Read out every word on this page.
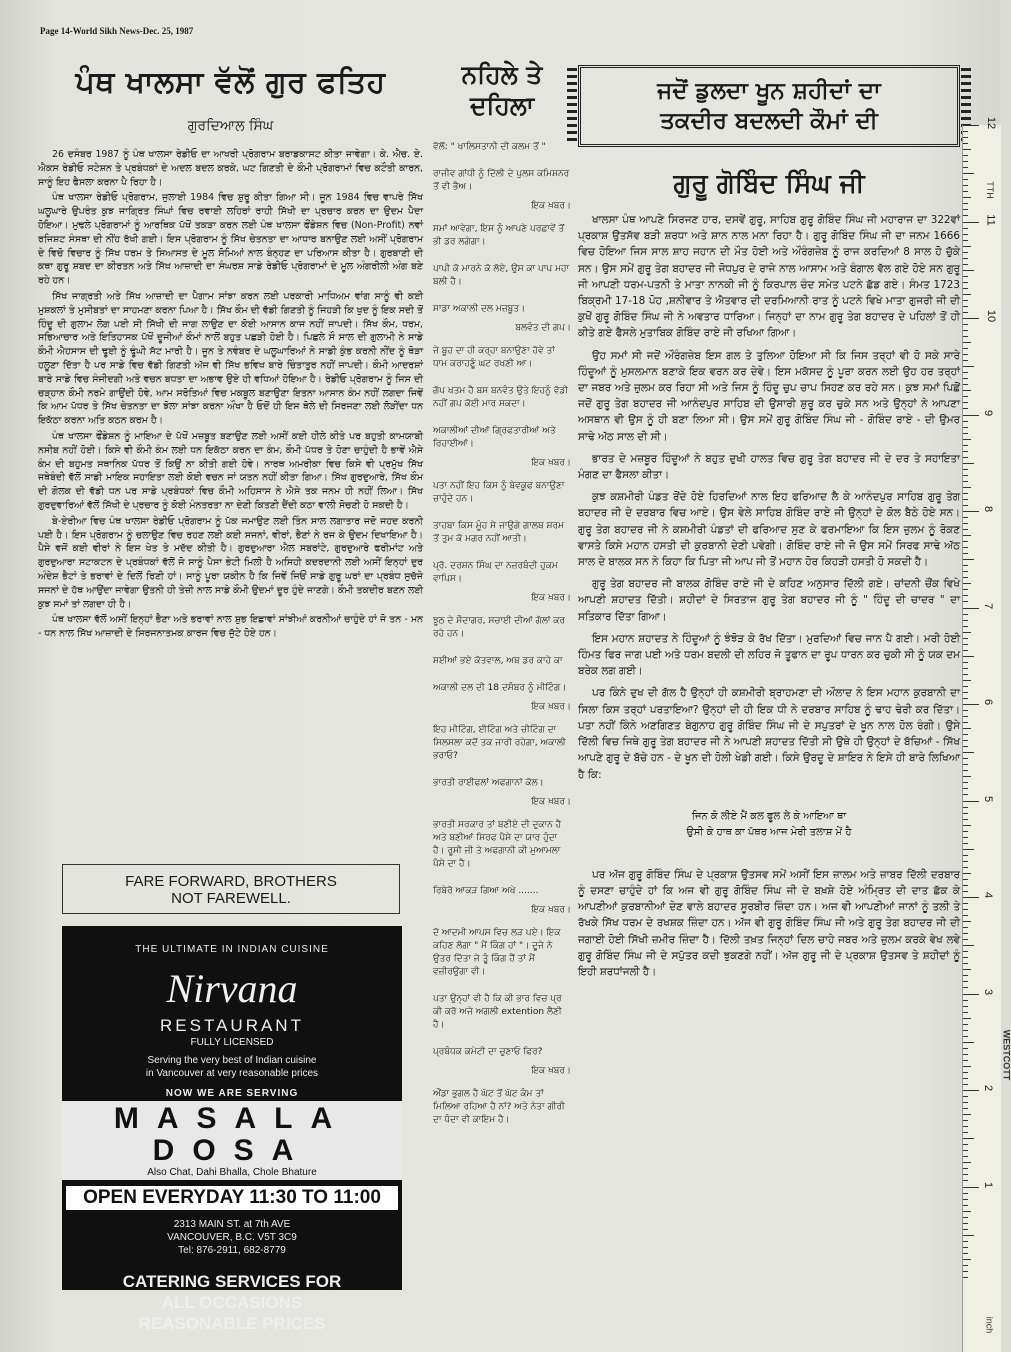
Page 14-World Sikh News-Dec. 25, 1987
ਪੰਥ ਖਾਲਸਾ ਵੱਲੋਂ ਗੁਰ ਫਤਿਹ
ਗੁਰਦਿਆਲ ਸਿੰਘ

26 ਦਸੰਬਰ 1987 ਨੂੰ ਪੰਥ ਖਾਲਸਾ ਰੇਡੀਓ ਦਾ ਆਖਰੀ ਪ੍ਰੋਗਰਾਮ ਬਰਾਡਕਾਸਟ ਕੀਤਾ ਜਾਵੇਗਾ। ਕੇ. ਐਚ. ਏ. ਐਕਸ ਰੇਡੀਓ ਸਟੇਸ਼ਨ ਤੇ ਪ੍ਰਬੰਧਕਾਂ ਦੇ ਅਦਲ ਬਦਲ ਕਰਕੇ, ਘਟ ਗਿਣਤੀ ਦੇ ਕੌਮੀ ਪ੍ਰੋਗਰਾਮਾਂ ਵਿਚ ਕਟੌਤੀ ਕਾਰਨ, ਸਾਨੂੰ ਇਹ ਫੈਸਲਾ ਕਰਨਾ ਪੈ ਰਿਹਾ ਹੈ।

ਪੰਥ ਖਾਲਸਾ ਰੇਡੀਓ ਪ੍ਰੋਗਰਾਮ, ਜੁਲਾਈ 1984 ਵਿਚ ਸ਼ੁਰੂ ਕੀਤਾ ਗਿਆ ਸੀ। ਜੂਨ 1984 ਵਿਚ ਵਾਪਰੇ ਸਿੱਖ ਘਲੂਘਾਰੇ ਉਪਰੰਤ ਕੁਝ ਜਾਗ੍ਰਿਤ ਸਿੰਘਾਂ ਵਿਚ ਰਵਾਈ ਲਹਿਰਾਂ ਰਾਹੀ ਸਿੱਖੀ ਦਾ ਪ੍ਰਚਾਰ ਕਰਨ ਦਾ ਉਦਮ ਪੈਦਾ ਹੋਇਆ। ਮੁਢਲੇ ਪ੍ਰੋਗਰਾਮਾਂ ਨੂੰ ਆਰਥਿਕ ਪੱਖੋਂ ਤਕੜਾ ਕਰਨ ਲਈ ਪੰਥ ਖਾਲਸਾ ਫੌਂਡੇਸ਼ਨ ਵਿਚ (Non-Profit) ਨਵਾਂ ਰਜਿਸ਼ਟ ਸੰਸਥਾ ਦੀ ਨੀਂਹ ਰੱਖੀ ਗਈ। ਇਸ ਪ੍ਰੋਗਰਾਮ ਨੂੰ ਸਿੱਖ ਚੇਤਨਤਾ ਦਾ ਆਧਾਰ ਬਨਾਉਣ ਲਈ ਅਸੀਂ ਪ੍ਰੋਗਰਾਮ ਦੇ ਵਿਚੋ ਵਿਚਾਰ ਨੂੰ ਸਿੱਖ ਧਰਮ ਤੇ ਸਿਆਸਤ ਦੇ ਮੂਲ ਸੋਮਿਆਂ ਨਾਲ ਬੰਨ੍ਹਣ ਦਾ ਪਰਿਆਸ ਕੀਤਾ ਹੈ। ਗੁਰਬਾਣੀ ਦੀ ਕਥਾ ਗੁਰੂ ਸ਼ਬਦ ਦਾ ਕੀਰਤਨ ਅਤੇ ਸਿੱਖ ਆਜ਼ਾਦੀ ਦਾ ਸੰਘਰਸ਼ ਸਾਡੇ ਰੇਡੀਓ ਪ੍ਰੋਗਰਾਮਾਂ ਦੇ ਮੂਲ ਅੰਗਰੀਲੀ ਅੰਗ ਬਣੇ ਰਹੇ ਹਨ।

ਸਿੱਖ ਜਾਗ੍ਰਤੀ ਅਤੇ ਸਿੱਖ ਆਜ਼ਾਦੀ ਦਾ ਪੈਗਾਮ ਸਾਂਝਾ ਕਰਨ ਲਈ ਪਰਕਾਰੀ ਮਾਧਿਅਮ ਵਾਂਗ ਸਾਨੂੰ ਵੀ ਕਈ ਮੁਸ਼ਕਲਾਂ ਤੇ ਮੁਸੀਬਤਾਂ ਦਾ ਸਾਹਮਣਾ ਕਰਨਾ ਪਿਆ ਹੈ। ਸਿੱਖ ਕੌਮ ਦੀ ਵੱਡੀ ਗਿਣਤੀ ਨੂੰ ਜਿਹੜੀ ਕਿ ਖੁਦ ਨੂੰ ਇਕ ਸਦੀ ਤੋਂ ਹਿੰਦੂ ਦੀ ਗੁਲਾਮ ਲੋਗ ਪਈ ਸੀ ਸਿੱਖੀ ਦੀ ਜਾਗ ਲਾਉਣ ਦਾ ਕੋਈ ਆਸਾਨ ਕਾਜ ਨਹੀਂ ਜਾਪਦੀ। ਸਿੱਖ ਕੌਮ, ਧਰਮ, ਸਭਿਆਚਾਰ ਅਤੇ ਇਤਿਹਾਸਕ ਪੱਖੋਂ ਦੂਜੀਆਂ ਕੌਮਾਂ ਨਾਲੋਂ ਬਹੁਤ ਪਛੜੀ ਹੋਈ ਹੈ। ਪਿਛਲੇ ਸੌ ਸਾਲ ਦੀ ਗੁਲਾਮੀ ਨੇ ਸਾਡੇ ਕੌਮੀ ਐਹਸਾਸ ਦੀ ਢੂਈ ਨੂੰ ਢੂੰਘੀ ਸੱਟ ਮਾਰੀ ਹੈ। ਜੂਨ ਤੇ ਨਵੰਬਰ ਦੇ ਘਲੂਘਾਰਿਆਂ ਨੇ ਸਾਡੀ ਕੁੰਭ ਕਰਨੀ ਨੀਂਦ ਨੂੰ ਥੋੜਾ ਹਲੂਣਾ ਦਿੱਤਾ ਹੈ ਪਰ ਸਾਡੇ ਵਿਚ ਵੱਡੀ ਗਿਣਤੀ ਅੱਜ ਵੀ ਸਿੱਖ ਭਵਿਖ ਬਾਰੇ ਚਿੰਤਾਤੁਰ ਨਹੀਂ ਜਾਪਦੀ। ਕੌਮੀ ਆਦਰਸ਼ਾਂ ਬਾਰੇ ਸਾਡੇ ਵਿਚ ਸੰਜੀਦਗੀ ਅਤੇ ਵਚਨ ਬਧਤਾ ਦਾ ਅਭਾਵ ਉਏ ਹੀ ਵਧਿਆਂ ਹੋਇਆ ਹੈ। ਰੇਡੀਓ ਪ੍ਰੋਗਰਾਮ ਨੂੰ ਜਿਸ ਦੀ ਚੜ੍ਹਾਨ ਕੌਮੀ ਨਰਮੇ ਗਾਉਂਦੀ ਹੋਵੇ, ਆਮ ਸਰੋਤਿਆਂ ਵਿਚ ਮਕਬੂਲ ਬਣਾਉਣਾ ਇਤਨਾ ਆਸਾਨ ਕੰਮ ਨਹੀਂ ਲਗਦਾ ਜਿਵੇਂ ਕਿ ਆਮ ਪੱਧਰ ਤੇ ਸਿੱਖ ਚੇਤਨਤਾ ਦਾ ਝੋਲਾ ਸਾਂਝਾ ਕਰਨਾ ਔਖਾ ਹੈ ਓਦੋਂ ਹੀ ਇਸ ਥੋਲੇ ਦੀ ਸਿਰਜਣਾ ਲਈ ਲੋੜੀਂਦਾ ਧਨ ਇਕੱਠਾ ਕਰਨਾ ਅਤਿ ਕਠਨ ਕਰਮ ਹੈ।

ਪੰਥ ਖਾਲਸਾ ਫੌਂਡੇਸ਼ਨ ਨੂੰ ਮਾਇਆ ਦੇ ਪੱਖੋਂ ਮਜ਼ਬੂਤ ਬਣਾਉਣ ਲਈ ਅਸੀਂ ਕਈ ਹੀਲੇ ਕੀਤੇ ਪਰ ਬਹੁਤੀ ਕਾਮਯਾਬੀ ਨਸੀਬ ਨਹੀਂ ਹੋਈ। ਕਿਸੇ ਵੀ ਕੌਮੀ ਕੰਮ ਲਈ ਧਨ ਇਕੱਠਾ ਕਰਨ ਦਾ ਕੰਮ, ਕੌਮੀ ਪੱਧਰ ਤੇ ਹੋਣਾ ਚਾਹੁੰਦੀ ਹੈ ਭਾਵੇਂ ਐਸੇ ਕੰਮ ਦੀ ਬਹੁਮਤ ਸਥਾਨਿਕ ਪੱਧਰ ਤੋਂ ਕਿਉਂ ਨਾ ਕੀਤੀ ਗਈ ਹੋਵੇ। ਨਾਰਥ ਅਮਰੀਕਾ ਵਿਚ ਕਿਸੇ ਵੀ ਪ੍ਰਮੁੱਖ ਸਿੱਖ ਜਥੇਬੰਦੀ ਵੱਲੋਂ ਸਾਡੀ ਮਾਇਕ ਸਹਾਇਤਾ ਲਈ ਕੋਈ ਵਚਨ ਜਾਂ ਯਤਨ ਨਹੀਂ ਕੀਤਾ ਗਿਆ। ਸਿੱਖ ਗੁਰਦੁਆਰੇ, ਸਿੱਖ ਕੌਮ ਦੀ ਗੋਲਕ ਦੀ ਵੱਡੀ ਧਨ ਪਰ ਸਾਡੇ ਪ੍ਰਬੰਧਕਾਂ ਵਿਚ ਕੌਮੀ ਅਹਿਸਾਸ ਨੇ ਐਸੇ ਤਕ ਜਨਮ ਹੀ ਨਹੀਂ ਲਿਆ। ਸਿੱਖ ਗੁਰਦੁਵਾਰਿਆਂ ਵੱਲੋਂ ਸਿੱਖੀ ਦੇ ਪ੍ਰਚਾਰ ਨੂੰ ਕੋਈ ਮੰਨਤਰਤਾ ਨਾ ਦੇਣੀ ਕਿਤਣੀ ਦੈਂਦੀ ਕਠਾ ਵਾਲੀ ਸੋਚਣੀ ਹੋ ਸਕਦੀ ਹੈ।

ਬੇ-ਏਰੀਆ ਵਿਚ ਪੰਥ ਖਾਲਸਾ ਰੇਡੀਓ ਪ੍ਰੋਗਰਾਮ ਨੂੰ ਪੱਕ ਜਮਾਉਣ ਲਈ ਤਿੰਨ ਸਾਲ ਲਗਾਤਾਰ ਜਦੋ ਜਹਦ ਕਰਨੀ ਪਈ ਹੈ। ਇਸ ਪ੍ਰੋਗਰਾਮ ਨੂੰ ਚਲਾਉਣ ਵਿਚ ਰਹਣ ਲਈ ਕਈ ਸਜਨਾਂ, ਵੀਰਾਂ, ਭੈਣਾਂ ਨੇ ਰਜ ਕੇ ਉਦਮ ਦਿਖਾਇਆ ਹੈ। ਪੈਸੇ ਵਜੋਂ ਕਈ ਵੀਰਾਂ ਨੇ ਇਸ ਖੇਤ ਤੇ ਮਦੱਦ ਕੀਤੀ ਹੈ। ਗੁਰਦੁਆਰਾ ਐਲ ਸਬਰਾਂਟੇ, ਗੁਰਦੁਆਰੇ ਫਰੀਮਾਂਟ ਅਤੇ ਗੁਰਦੁਆਰਾ ਸਟਾਕਟਨ ਦੇ ਪ੍ਰਬੰਧਕਾਂ ਵੱਲੋਂ ਜੋ ਸਾਨੂੰ ਪੈਸਾ ਭੇਟੀ ਮਿਲੀ ਹੈ ਅਸਿਹੀ ਕਦਰਦਾਨੀ ਲਈ ਅਸੀਂ ਇਨ੍ਹਾਂ ਦੁਰ ਅੰਦੇਸ਼ ਭੈਟਾਂ ਤੇ ਭਰਾਵਾਂ ਦੇ ਦਿਲੋਂ ਰਿਣੀ ਹਾਂ। ਸਾਨੂੰ ਪੂਰਾ ਯਕੀਨ ਹੈ ਕਿ ਜਿਵੇਂ ਜਿਓਂ ਸਾਡੇ ਗੁਰੂ ਘਰਾਂ ਦਾ ਪ੍ਰਬੰਧ ਸੁਚੱਜੇ ਸਜਨਾਂ ਦੇ ਹੱਥ ਆਉਂਦਾ ਜਾਵੇਗਾ ਉਤਨੀ ਹੀ ਤੇਜ਼ੀ ਨਾਲ ਸਾਡੇ ਕੌਮੀ ਉਦਮਾਂ ਦੂਰ ਹੁੰਦੇ ਜਾਣਗੇ। ਕੌਮੀ ਤਕਦੀਰ ਬਣਨ ਲਈ ਕੁਝ ਸਮਾਂ ਤਾਂ ਲਗਦਾ ਹੀ ਹੈ।

ਪੰਥ ਖਾਲਸਾ ਵੱਲੋਂ ਅਸੀਂ ਇਨ੍ਹਾਂ ਭੈਣਾ ਅਤੇ ਭਰਾਵਾਂ ਨਾਲ ਸ਼ੁਭ ਇਛਾਵਾਂ ਸਾਂਝੀਆਂ ਕਰਨੀਆਂ ਚਾਹੁੰਦੇ ਹਾਂ ਜੋ ਤਨ - ਮਨ - ਧਨ ਨਾਲ ਸਿੱਖ ਆਜ਼ਾਦੀ ਦੇ ਸਿਰਜਨਾਤਮਕ ਕਾਰਜ ਵਿਚ ਜੁੱਟੇ ਹੋਏ ਹਨ।

FARE FORWARD, BROTHERS
NOT FAREWELL.
THE ULTIMATE IN INDIAN CUISINE
Nirvana
RESTAURANT
FULLY LICENSED
Serving the very best of Indian cuisine
in Vancouver at very reasonable prices
NOW WE ARE SERVING
MASALA DOSA
Also Chat, Dahi Bhalla, Chole Bhature
OPEN EVERYDAY 11:30 TO 11:00
2313 MAIN ST. at 7th AVE
VANCOUVER, B.C. V5T 3C9
Tel: 876-2911, 682-8779
CATERING SERVICES FOR
ALL OCCASIONS
REASONABLE PRICES
ਨਹਿਲੇ ਤੇ
ਦਹਿਲਾ
ਵੱਲੋਂ: " ਖਾਲਿਸਤਾਨੀ ਦੀ ਕਲਮ ਤੋਂ "
ਰਾਜੀਵ ਗਾਂਧੀ ਨੂੰ ਦਿੱਲੀ ਦੇ ਪੁਲਸ ਕਮਿਸ਼ਨਰ ਤੋਂ ਵੀ ਭੈਅ।
ਇਕ ਖ਼ਬਰ।
ਸਮਾਂ ਆਵੇਗਾ, ਇਸ ਨੂੰ ਆਪਣੇ ਪਰਛਾਵੇਂ ਤੋਂ ਭੀ ਡਰ ਲਗੇਗਾ।
ਪਾਪੀ ਕੋ ਮਾਰਨੇ ਕੋ ਲੋਏ, ਉਸ ਕਾ ਪਾਪ ਮਹਾ ਬਲੀ ਹੈ।
ਸਾਡਾ ਅਕਾਲੀ ਦਲ ਮਜ਼ਬੂਤ।
ਬਲਵੰਤ ਦੀ ਗਪ।
ਜੇ ਬੂਹ ਦਾ ਹੀ ਕਰ੍ਹਾ ਬਨਾਉਣਾ ਹੋਵੇ ਤਾਂ ਧਾਮ ਕਰਾਹਣੂੰ ਘਟ ਰਖਣੀ ਆ।
ਗੱਪ ਖਤਮ ਹੈ ਬਸ ਬਨਵੰਤ ਉਤੇ ਇਹਨੂੰ ਵੱਡੀ ਨਹੀਂ ਗਪ ਕੋਈ ਮਾਰ ਸਕਦਾ।
ਅਕਾਲੀਆਂ ਦੀਆਂ ਗ੍ਰਿਫਤਾਰੀਆਂ ਅਤੇ ਰਿਹਾਈਆਂ।
ਇਕ ਖ਼ਬਰ।
ਪਤਾ ਨਹੀਂ ਇਹ ਕਿਸ ਨੂੰ ਬੇਵਕੂਫ ਬਨਾਉਣਾ ਚਾਹੁੰਦੇ ਹਨ।
ਤਾਹਬਾ ਕਿਸ ਮੂੰਹ ਸੇ ਜਾਉਗੇ ਗਾਲਬ ਸ਼ਰਮ ਤੋਂ ਤੁਮ ਕੋ ਮਗਰ ਨਹੀਂ ਆਤੀ।
ਪ੍ਰੋ. ਦਰਸ਼ਨ ਸਿੰਘ ਦਾ ਨਜ਼ਰਬੰਦੀ ਹੁਕਮ ਵਾਪਿਸ।
ਇਕ ਖ਼ਬਰ।
ਝੂਠ ਦੇ ਸੌਦਾਗਰ, ਸਚਾਈ ਦੀਆਂ ਗੱਲਾਂ ਕਰ ਰਹੇ ਹਨ।
ਸਈਆਂ ਭਏ ਕੋਤਵਾਲ, ਅਬ ਡਰ ਕਾਹੇ ਕਾ
ਅਕਾਲੀ ਦਲ ਦੀ 18 ਦਸੰਬਰ ਨੂੰ ਮੀਟਿੰਗ।
ਇਕ ਖ਼ਬਰ।
ਇਹ ਮੀਟਿੰਗ, ਈਟਿੰਗ ਅਤੇ ਚੀਟਿੰਗ ਦਾ ਸਿਲਸਲਾ ਕਦੋਂ ਤਕ ਜਾਰੀ ਰਹੇਗਾ, ਅਕਾਲੀ ਭਰਾਓ?
ਭਾਰਤੀ ਰਾਈਫਲਾਂ ਅਫਗਾਨਾਂ ਕੋਲ।
ਇਕ ਖ਼ਬਰ।
ਭਾਰਤੀ ਸਰਕਾਰ ਤਾਂ ਬਣੀਏ ਦੀ ਦੁਕਾਨ ਹੈ ਅਤੇ ਬਣੀਆਂ ਸਿਰਫ ਪੈਸੇ ਦਾ ਯਾਰ ਹੁੰਦਾ ਹੈ। ਰੂਸੀ ਜੀ ਤੇ ਅਫਗਾਨੀ ਕੀ ਮੁਆਮਲਾ ਪੈਸੇ ਦਾ ਹੈ।
ਰਿਬੇਰੋ ਆਕੜ ਗਿਆ ਅਖੇ .......
ਇਕ ਖ਼ਬਰ।
ਦੋ ਆਦਮੀ ਆਪਸ ਵਿਚ ਲੜ ਪਏ। ਇਕ ਕਹਿਣ ਲੱਗਾ " ਮੈਂ ਕਿੰਗ ਹਾਂ "। ਦੂਜੇ ਨੇ ਉਤਰ ਦਿੱਤਾ ਜੇ ਤੂੰ ਕਿੰਗ ਹੈਂ ਤਾਂ ਮੈਂ ਵਜ਼ੀਰਉਗਾ ਵੀ।
ਪਤਾ ਉਨ੍ਹਾਂ ਵੀ ਹੈ ਕਿ ਕੀ ਭਾਰ ਵਿਚ ਪ੍ਰ ਕੀ ਕਰੋ ਅਜੇ ਅਗਲੀ extention ਲੈਣੀ ਹੈ।
ਪ੍ਰਬੰਧਕ ਕਮੇਟੀ ਦਾ ਚੁਣਾਓ ਫਿਰ?
ਇਕ ਖ਼ਬਰ।
ਔਂਡਾ ਭੁਗਲ ਹੈ ਘੱਟ ਤੋਂ ਘੱਟ ਕੰਮ ਤਾਂ ਮਿਲਿਆ ਰਹਿਆ ਹੈ ਨਾਂ? ਅਤੇ ਨੇਤਾ ਗੀਰੀ ਦਾ ਧੰਦਾ ਵੀ ਕਾਇਮ ਹੈ।
ਜਦੋਂ ਡੁਲਦਾ ਖੂਨ ਸ਼ਹੀਦਾਂ ਦਾ
ਤਕਦੀਰ ਬਦਲਦੀ ਕੌਮਾਂ ਦੀ
ਗੁਰੂ ਗੋਬਿੰਦ ਸਿੰਘ ਜੀ

ਖਾਲਸਾ ਪੰਥ ਆਪਣੇ ਸਿਰਜਣ ਹਾਰ, ਦਸਵੇਂ ਗੁਰੂ, ਸਾਹਿਬ ਗੁਰੂ ਗੋਬਿੰਦ ਸਿੰਘ ਜੀ ਮਹਾਰਾਜ ਦਾ 322ਵਾਂ ਪ੍ਰਕਾਸ਼ ਉਤਸੱਵ ਬੜੀ ਸ਼ਰਧਾ ਅਤੇ ਸ਼ਾਨ ਨਾਲ ਮਨਾ ਰਿਹਾ ਹੈ। ਗੁਰੂ ਗੋਬਿੰਦ ਸਿੰਘ ਜੀ ਦਾ ਜਨਮ 1666 ਵਿਚ ਹੋਇਆ ਜਿਸ ਸਾਲ ਸ਼ਾਹ ਜਹਾਨ ਦੀ ਮੌਤ ਹੋਈ ਅਤੇ ਔਰੰਗਜ਼ੇਬ ਨੂੰ ਰਾਜ ਕਰਦਿਆਂ 8 ਸਾਲ ਹੋ ਚੁੱਕੇ ਸਨ। ਉਸ ਸਮੇਂ ਗੁਰੂ ਤੇਗ ਬਹਾਦਰ ਜੀ ਜੋਧਪੁਰ ਦੇ ਰਾਜੇ ਨਾਲ ਆਸਾਮ ਅਤੇ ਬੰਗਾਲ ਵੱਲ ਗਏ ਹੋਏ ਸਨ ਗੁਰੂ ਜੀ ਆਪਣੀ ਧਰਮ-ਪਤਨੀ ਤੇ ਮਾਤਾ ਨਾਨਕੀ ਜੀ ਨੂੰ ਕਿਰਪਾਲ ਚੰਦ ਸਮੇਤ ਪਟਨੇ ਛੱਡ ਗਏ। ਸੰਮਤ 1723 ਬਿਕ੍ਰਮੀ 17-18 ਪੋਹ ,ਸ਼ਨੀਵਾਰ ਤੇ ਐਤਵਾਰ ਦੀ ਦਰਮਿਆਨੀ ਰਾਤ ਨੂੰ ਪਟਨੇ ਵਿਖੇ ਮਾਤਾ ਗੁਜਰੀ ਜੀ ਦੀ ਕੁਖੋਂ ਗੁਰੂ ਗੋਬਿੰਦ ਸਿੰਘ ਜੀ ਨੇ ਅਵਤਾਰ ਧਾਰਿਆ। ਜਿਨ੍ਹਾਂ ਦਾ ਨਾਮ ਗੁਰੂ ਤੇਗ ਬਹਾਦਰ ਦੇ ਪਹਿਲਾਂ ਤੋਂ ਹੀ ਕੀਤੇ ਗਏ ਫੈਸਲੇ ਮੁਤਾਬਿਕ ਗੋਬਿੰਦ ਰਾਏ ਜੀ ਰਖਿਆ ਗਿਆ।

ਉਹ ਸਮਾਂ ਸੀ ਜਦੋਂ ਔਰੰਗਜ਼ੇਬ ਇਸ ਗਲ ਤੇ ਤੁਲਿਆ ਹੋਇਆ ਸੀ ਕਿ ਜਿਸ ਤਰ੍ਹਾਂ ਵੀ ਹੋ ਸਕੇ ਸਾਰੇ ਹਿੰਦੂਆਂ ਨੂੰ ਮੁਸਲਮਾਨ ਬਣਾਕੇ ਇਕ ਵਰਨ ਕਰ ਦੇਵੇ। ਇਸ ਮਕੱਸਦ ਨੂੰ ਪੂਰਾ ਕਰਨ ਲਈ ਉਹ ਹਰ ਤਰ੍ਹਾਂ ਦਾ ਜਬਰ ਅਤੇ ਜ਼ੁਲਮ ਕਰ ਰਿਹਾ ਸੀ ਅਤੇ ਜਿਸ ਨੂੰ ਹਿੰਦੂ ਚੁਪ ਚਾਪ ਸਿਹਣ ਕਰ ਰਹੇ ਸਨ। ਕੁਝ ਸਮਾਂ ਪਿਛੋਂ ਜਦੋਂ ਗੁਰੂ ਤੇਗ ਬਹਾਦਰ ਜੀ ਆਨੰਦਪੁਰ ਸਾਹਿਬ ਦੀ ਉਸਾਰੀ ਸ਼ੁਰੂ ਕਰ ਚੁਕੇ ਸਨ ਅਤੇ ਉਨ੍ਹਾਂ ਨੇ ਆਪਣਾ ਅਸਥਾਨ ਵੀ ਉਸ ਨੂੰ ਹੀ ਬਣਾ ਲਿਆ ਸੀ। ਉਸ ਸਮੇਂ ਗੁਰੂ ਗੋਬਿੰਦ ਸਿੰਘ ਜੀ - ਗੋਬਿੰਦ ਰਾਏ - ਦੀ ਉਮਰ ਸਾਢੇ ਅੱਠ ਸਾਲ ਦੀ ਸੀ।

ਭਾਰਤ ਦੇ ਮਜ਼ਬੂਰ ਹਿੰਦੂਆਂ ਨੇ ਬਹੁਤ ਦੁਖੀ ਹਾਲਤ ਵਿਚ ਗੁਰੂ ਤੇਗ ਬਹਾਦਰ ਜੀ ਦੇ ਦਰ ਤੇ ਸਹਾਇਤਾ ਮੰਗਣ ਦਾ ਫੈਸਲਾ ਕੀਤਾ।

ਕੁਝ ਕਸ਼ਮੀਰੀ ਪੰਡਤ ਰੋਂਦੇ ਹੋਏ ਹਿਰਦਿਆਂ ਨਾਲ ਇਹ ਫਰਿਆਦ ਲੈ ਕੇ ਆਨੰਦਪੁਰ ਸਾਹਿਬ ਗੁਰੂ ਤੇਗ ਬਹਾਦਰ ਜੀ ਦੇ ਦਰਬਾਰ ਵਿਚ ਆਏ। ਉਸ ਵੇਲੇ ਸਾਹਿਬ ਗੋਬਿੰਦ ਰਾਏ ਜੀ ਉਨ੍ਹਾਂ ਦੇ ਕੋਲ ਬੈਠੇ ਹੋਏ ਸਨ। ਗੁਰੂ ਤੇਗ ਬਹਾਦਰ ਜੀ ਨੇ ਕਸ਼ਮੀਰੀ ਪੰਡਤਾਂ ਦੀ ਫਰਿਆਦ ਸੁਣ ਕੇ ਫਰਮਾਇਆ ਕਿ ਇਸ ਜ਼ੁਲਮ ਨੂੰ ਰੋਕਣ ਵਾਸਤੇ ਕਿਸੇ ਮਹਾਨ ਹਸਤੀ ਦੀ ਕੁਰਬਾਨੀ ਦੇਣੀ ਪਵੇਗੀ। ਗੋਬਿੰਦ ਰਾਏ ਜੀ ਜੋ ਉਸ ਸਮੇਂ ਸਿਰਫ ਸਾਢੇ ਅੱਠ ਸਾਲ ਦੇ ਬਾਲਕ ਸਨ ਨੇ ਕਿਹਾ ਕਿ ਪਿਤਾ ਜੀ ਆਪ ਜੀ ਤੋਂ ਮਹਾਨ ਹੋਰ ਕਿਹੜੀ ਹਸਤੀ ਹੋ ਸਕਦੀ ਹੈ।

ਗੁਰੂ ਤੇਗ ਬਹਾਦਰ ਜੀ ਬਾਲਕ ਗੋਬਿੰਦ ਰਾਏ ਜੀ ਦੇ ਕਹਿਣ ਅਨੁਸਾਰ ਦਿੱਲੀ ਗਏ। ਚਾਂਦਨੀ ਚੌਂਕ ਵਿਖੇ ਆਪਣੀ ਸ਼ਹਾਦਤ ਦਿੱਤੀ। ਸ਼ਹੀਦਾਂ ਦੇ ਸਿਰਤਾਜ ਗੁਰੂ ਤੇਗ ਬਹਾਦਰ ਜੀ ਨੂੰ " ਹਿੰਦੂ ਦੀ ਚਾਦਰ " ਦਾ ਸਤਿਕਾਰ ਦਿੱਤਾ ਗਿਆ।

ਇਸ ਮਹਾਨ ਸ਼ਹਾਦਤ ਨੇ ਹਿੰਦੂਆਂ ਨੂੰ ਝੰਝੋੜ ਕੇ ਰੱਖ ਦਿੱਤਾ। ਮੁਰਦਿਆਂ ਵਿਚ ਜਾਨ ਪੈ ਗਈ। ਮਰੀ ਹੋਈ ਹਿੰਮਤ ਫਿਰ ਜਾਗ ਪਈ ਅਤੇ ਧਰਮ ਬਦਲੀ ਦੀ ਲਹਿਰ ਜੋ ਤੂਫਾਨ ਦਾ ਰੂਪ ਧਾਰਨ ਕਰ ਚੁਕੀ ਸੀ ਨੂੰ ਯਕ ਦਮ ਬਰੇਕ ਲਗ ਗਈ।

ਪਰ ਕਿੰਨੇ ਦੁਖ ਦੀ ਗੱਲ ਹੈ ਉਨ੍ਹਾਂ ਹੀ ਕਸ਼ਮੀਰੀ ਬ੍ਰਾਹਮਣਾ ਦੀ ਔਲਾਦ ਨੇ ਇਸ ਮਹਾਨ ਕੁਰਬਾਨੀ ਦਾ ਸਿਲਾ ਕਿਸ ਤਰ੍ਹਾਂ ਪਰਤਾਇਆ? ਉਨ੍ਹਾਂ ਦੀ ਹੀ ਇਕ ਧੀ ਨੇ ਦਰਬਾਰ ਸਾਹਿਬ ਨੂੰ ਢਾਹ ਢੇਰੀ ਕਰ ਦਿੱਤਾ। ਪਤਾ ਨਹੀਂ ਕਿੰਨੇ ਅਣਗਿਣਤ ਬੇਗੁਨਾਹ ਗੁਰੂ ਗੋਬਿੰਦ ਸਿੰਘ ਜੀ ਦੇ ਸਪੁਤਰਾਂ ਦੇ ਖੂਨ ਨਾਲ ਹੋਲ ਰੰਗੀ। ਉਸੇ ਦਿੱਲੀ ਵਿਚ ਜਿਥੇ ਗੁਰੂ ਤੇਗ ਬਹਾਦਰ ਜੀ ਨੇ ਆਪਣੀ ਸ਼ਹਾਦਤ ਦਿੱਤੀ ਸੀ ਉਥੇ ਹੀ ਉਨ੍ਹਾਂ ਦੇ ਬੱਚਿਆਂ - ਸਿੱਖ ਆਪਣੇ ਗੁਰੂ ਦੇ ਬੱਚੇ ਹਨ - ਦੇ ਖੂਨ ਦੀ ਹੋਲੀ ਖੇਡੀ ਗਈ। ਕਿਸੇ ਉਰਦੂ ਦੇ ਸ਼ਾਇਰ ਨੇ ਇਸੇ ਹੀ ਬਾਰੇ ਲਿਖਿਆ ਹੈ ਕਿ:

ਜਿਨ ਕੋ ਲੀਏ ਮੈਂ ਕਲ ਫੂਲ ਲੇ ਕੇ ਆਇਆ ਥਾ
ਉਸੀ ਕੇ ਹਾਥ ਕਾ ਪੱਥਰ ਆਜ ਮੇਰੀ ਤਲਾਸ਼ ਮੇਂ ਹੈ

ਪਰ ਅੱਜ ਗੁਰੂ ਗੋਬਿੰਦ ਸਿੰਘ ਦੇ ਪ੍ਰਕਾਸ਼ ਉਤਸਵ ਸਮੇਂ ਅਸੀਂ ਇਸ ਜ਼ਾਲਮ ਅਤੇ ਜ਼ਾਬਰ ਦਿੱਲੀ ਦਰਬਾਰ ਨੂੰ ਦਸਣਾ ਚਾਹੁੰਦੇ ਹਾਂ ਕਿ ਅਜ ਵੀ ਗੁਰੂ ਗੋਬਿੰਦ ਸਿੰਘ ਜੀ ਦੇ ਬਖ਼ਸ਼ੇ ਹੋਏ ਅੰਮ੍ਰਿਤ ਦੀ ਦਾਤ ਛੱਕ ਕੇ ਆਪਣੀਆਂ ਕੁਰਬਾਨੀਆਂ ਦੇਣ ਵਾਲੇ ਬਹਾਦਰ ਸੂਰਬੀਰ ਜ਼ਿੰਦਾ ਹਨ। ਅਜ ਵੀ ਆਪਣੀਆਂ ਜਾਨਾਂ ਨੂੰ ਤਲੀ ਤੇ ਰੱਖਕੇ ਸਿੱਖ ਧਰਮ ਦੇ ਰਖਸ਼ਕ ਜ਼ਿੰਦਾ ਹਨ। ਅੱਜ ਵੀ ਗੁਰੂ ਗੋਬਿੰਦ ਸਿੰਘ ਜੀ ਅਤੇ ਗੁਰੂ ਤੇਗ ਬਹਾਦਰ ਜੀ ਦੀ ਜਗਾਈ ਹੋਈ ਸਿੱਖੀ ਜ਼ਮੀਰ ਜ਼ਿੰਦਾ ਹੈ। ਦਿੱਲੀ ਤਖ਼ਤ ਜਿਨ੍ਹਾਂ ਦਿਲ ਚਾਹੇ ਜਬਰ ਅਤੇ ਜ਼ੁਲਮ ਕਰਕੇ ਵੇਖ ਲਵੇ ਗੁਰੂ ਗੋਬਿੰਦ ਸਿੰਘ ਜੀ ਦੇ ਸਪੁੱਤਰ ਕਦੀ ਝੁਕਣਗੇ ਨਹੀਂ। ਅੱਜ ਗੁਰੂ ਜੀ ਦੇ ਪ੍ਰਕਾਸ਼ ਉਤਸਵ ਤੇ ਸ਼ਹੀਦਾਂ ਨੂੰ ਇਹੀ ਸ਼ਰਧਾਂਜਲੀ ਹੈ।

12
11
10
9
8
7
6
5
4
3
2
1
TTH
WESTCOTT
inch
